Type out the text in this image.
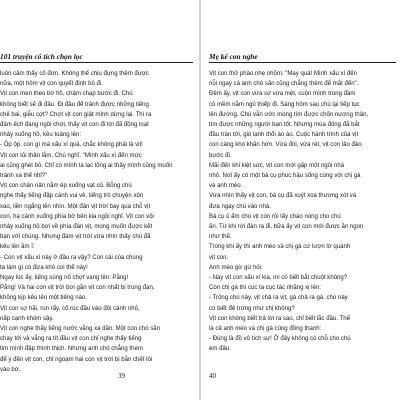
101 truyện cổ tích chọn lọc

luôn cảm thấy cô đơn. Không thể chịu đựng thêm được

nữa, một hôm vịt con quyết định bỏ đi.

Vịt con men theo bờ hồ, chậm chạp bước đi. Chú

không biết sẽ đi đâu. Đi đâu để tránh được những tiếng

chê bai, giễu cợt? Chợt vịt con giật mình dừng lại. Thì ra

đám ếch đang ngồi chơi, thấy vịt con đi tới đã đồng loạt

nhảy xuống hồ, kêu toáng lên:

- Ộp ộp, con gì mà xấu xí quá, chắc không phải là vịt!

Vịt con tủi thân lắm. Chú nghĩ: "Mình xấu xí đến mức

ai cũng ghét bỏ. Chỉ có mình ta lạc lõng ai thấy mình cũng muốn

tránh xa thế nhỉ?"

Vịt con chán nản nằm ép xuống vạt cỏ. Bỗng chú

nghe thấy tiếng đập cánh vui vẻ, tiếng trò chuyện xôn

xao, liền ngẩng lên nhìn. Một đàn vịt trời bay qua chỗ vịt

con, hạ cánh xuống phía bờ bên kia ngồi nghỉ. Vịt con vội

nhảy xuống hồ bơi về phía đàn vịt, mong muốn được kết

bạn với chúng. Nhưng đám vịt trời vừa nhìn thấy chú đã

kêu lên ầm ĩ:

- Con vịt xấu xí này ở đâu ra vậy? Con cái của chúng

ta làm gì có đứa khó coi thế này!

Ngay lúc ấy, tiếng súng nổ chợt vang lên: Pằng!

Pằng! Và hai con vịt trời bơi gần vịt con nhất bị trúng đạn,

không kịp kêu lên một tiếng nào.

Vịt con sợ hãi, run rẩy, cố rúc đầu vào đôi cánh nhỏ,

nấp cạnh khóm sậy.

Vịt con nghe thấy tiếng nước vắng xa dần. Một con chó săn

chạy tới và vắng ra tít đầu vịt con chỉ nghe thấy tiếng

tim mình đập thình thịch. Nhưng anh chó chẳng thèm

để ý đến vịt con, chỉ ngoạm hai con vịt trời bị bắn chết lôi

vào bờ.

39
Mẹ kể con nghe

Vịt con thở phào nhẹ nhõm: "May quá! Mình xấu xí đến

nỗi ngay cả anh chó săn cũng chẳng thèm để mắt đến".

Đêm ấy, vịt con vừa sợ vừa mệt, cuộn mình trong đám

cỏ mềm nằm ngủ thiếp đi. Sáng hôm sau chú lại tiếp tục

lên đường. Chú vẫn ước mong tìm được chốn nương thân,

tìm được những người bạn tốt. Nhưng mùa đông đã bắt

đầu tràn tới, gió lạnh thổi ào ào. Cuộc hành trình của vịt

con càng khó khăn hơn. Vừa đói, vừa rét, vịt con lảo đảo

bước đi.

Mãi đến khi kiệt sức, vịt con mới gặp một ngôi nhà

nhỏ. Nơi ấy có một bà cụ phúc hậu sống cùng với chị gà

và anh mèo.

Vừa nhìn thấy vịt con, bà cụ đã xuýt xoa thương xót và

đưa ngay chú vào nhà.

Bà cụ ủ ấm cho vịt con rồi lấy cháo nóng cho chú

ăn. Từ khi rời đàn ra đi, bữa ấy vịt con mới được ăn ngon

như thế.

Trong khi ấy thì anh mèo và chị gà cứ lượn lờ quanh

vịt con.

Anh mèo gừ gừ hỏi:

- Này vịt con xấu xí kia, mi có biết bắt chuột không?

Còn chị gà thì cục ta cục tác nhặng xị lên:

- Trông chú này, vịt chả ra vịt, gà chả ra gà, chú này

có biết đẻ trứng như chị không?

Vịt con không biết trả lời ra sao, chỉ biết lắc đầu. Thế

là cả anh mèo và chị gà cùng đồng thanh:

- Đúng là đồ vô tích sự! Ở đây không có chỗ cho chú

em đâu.

40
